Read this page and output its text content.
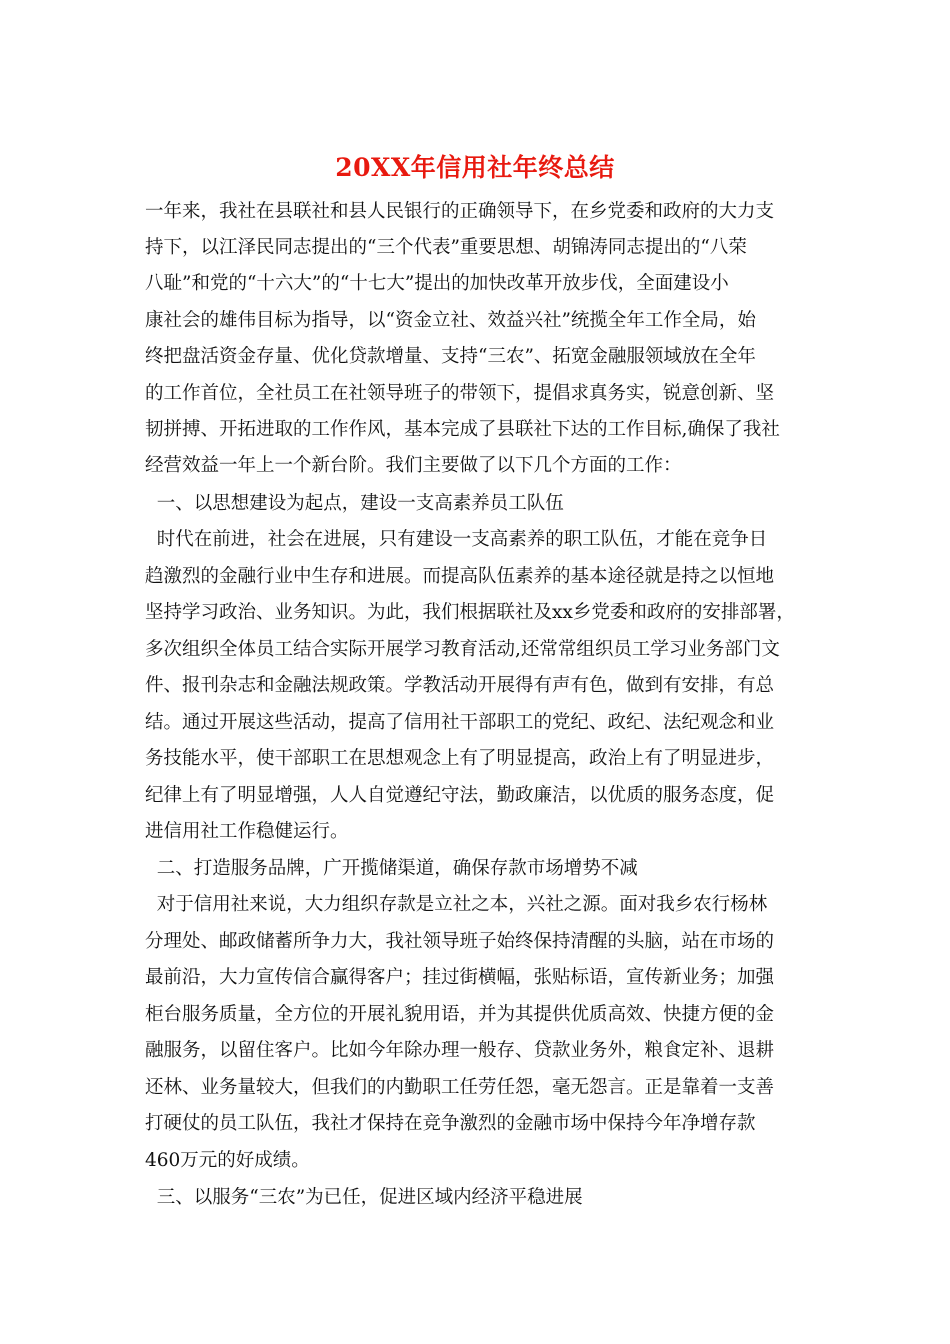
20XX年信用社年终总结
一年来，我社在县联社和县人民银行的正确领导下，在乡党委和政府的大力支
持下，以江泽民同志提出的“三个代表”重要思想、胡锦涛同志提出的“八荣
八耻”和党的“十六大”的“十七大”提出的加快改革开放步伐，全面建设小
康社会的雄伟目标为指导，以“资金立社、效益兴社”统揽全年工作全局，始
终把盘活资金存量、优化贷款增量、支持“三农”、拓宽金融服领域放在全年
的工作首位，全社员工在社领导班子的带领下，提倡求真务实，锐意创新、坚
韧拼搏、开拓进取的工作作风，基本完成了县联社下达的工作目标,确保了我社
经营效益一年上一个新台阶。我们主要做了以下几个方面的工作：
一、以思想建设为起点，建设一支高素养员工队伍
时代在前进，社会在进展，只有建设一支高素养的职工队伍，才能在竞争日
趋激烈的金融行业中生存和进展。而提高队伍素养的基本途径就是持之以恒地
坚持学习政治、业务知识。为此，我们根据联社及xx乡党委和政府的安排部署，
多次组织全体员工结合实际开展学习教育活动,还常常组织员工学习业务部门文
件、报刊杂志和金融法规政策。学教活动开展得有声有色，做到有安排，有总
结。通过开展这些活动，提高了信用社干部职工的党纪、政纪、法纪观念和业
务技能水平，使干部职工在思想观念上有了明显提高，政治上有了明显进步，
纪律上有了明显增强，人人自觉遵纪守法，勤政廉洁，以优质的服务态度，促
进信用社工作稳健运行。
二、打造服务品牌，广开揽储渠道，确保存款市场增势不减
对于信用社来说，大力组织存款是立社之本，兴社之源。面对我乡农行杨林
分理处、邮政储蓄所争力大，我社领导班子始终保持清醒的头脑，站在市场的
最前沿，大力宣传信合赢得客户；挂过街横幅，张贴标语，宣传新业务；加强
柜台服务质量，全方位的开展礼貌用语，并为其提供优质高效、快捷方便的金
融服务，以留住客户。比如今年除办理一般存、贷款业务外，粮食定补、退耕
还林、业务量较大，但我们的内勤职工任劳任怨，毫无怨言。正是靠着一支善
打硬仗的员工队伍，我社才保持在竞争激烈的金融市场中保持今年净增存款
460万元的好成绩。
三、以服务“三农”为已任，促进区域内经济平稳进展
